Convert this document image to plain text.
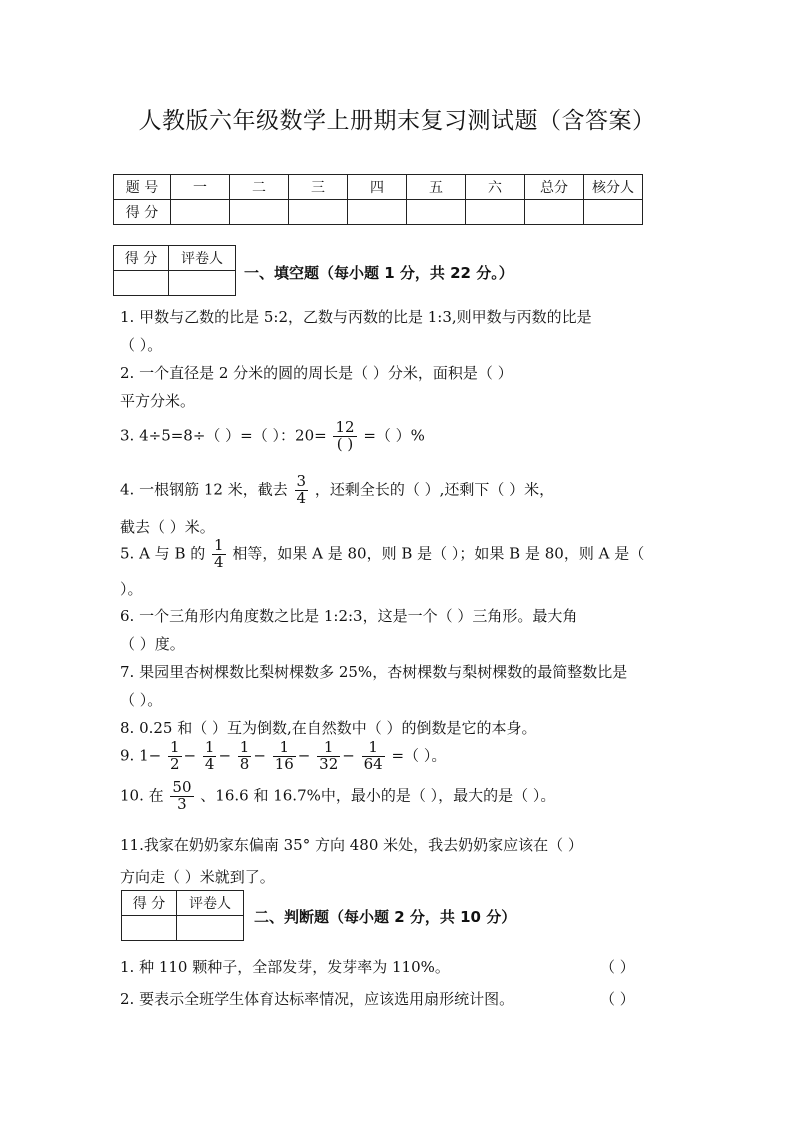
人教版六年级数学上册期末复习测试题（含答案）
题 号	一	二	三	四	五	六	总分	核分人
得 分								
得 分	评卷人

一、填空题（每小题 1 分，共 22 分。）
1. 甲数与乙数的比是 5:2，乙数与丙数的比是 1:3,则甲数与丙数的比是
（ ）。
2. 一个直径是 2 分米的圆的周长是（ ）分米，面积是（ ）
平方分米。
3. 4÷5=8÷（ ）=（ ）：$20= \frac{12}{( )}$ =（ ）%
4. 一根钢筋 12 米，截去 $\frac{3}{4}$ ，还剩全长的（ ）,还剩下（ ）米，
截去（ ）米。
5. A 与 B 的 $\frac{1}{4}$ 相等，如果 A 是 80，则 B 是（ ）；如果 B 是 80，则 A 是（
）。
6. 一个三角形内角度数之比是 1:2:3，这是一个（ ）三角形。最大角
（ ）度。
7. 果园里杏树棵数比梨树棵数多 25%，杏树棵数与梨树棵数的最简整数比是
（ ）。
8. 0.25 和（ ）互为倒数,在自然数中（ ）的倒数是它的本身。
9. $1- \frac{1}{2} - \frac{1}{4} - \frac{1}{8} - \frac{1}{16} - \frac{1}{32} - \frac{1}{64}$ =（ ）。
10. 在 $\frac{50}{3}$ 、16.6 和 16.7%中，最小的是（ ），最大的是（ ）。
11.我家在奶奶家东偏南 35° 方向 480 米处，我去奶奶家应该在（ ）
方向走（ ）米就到了。
得 分	评卷人

二、判断题（每小题 2 分，共 10 分）
1. 种 110 颗种子，全部发芽，发芽率为 110%。	（ ）
2. 要表示全班学生体育达标率情况，应该选用扇形统计图。	（ ）
